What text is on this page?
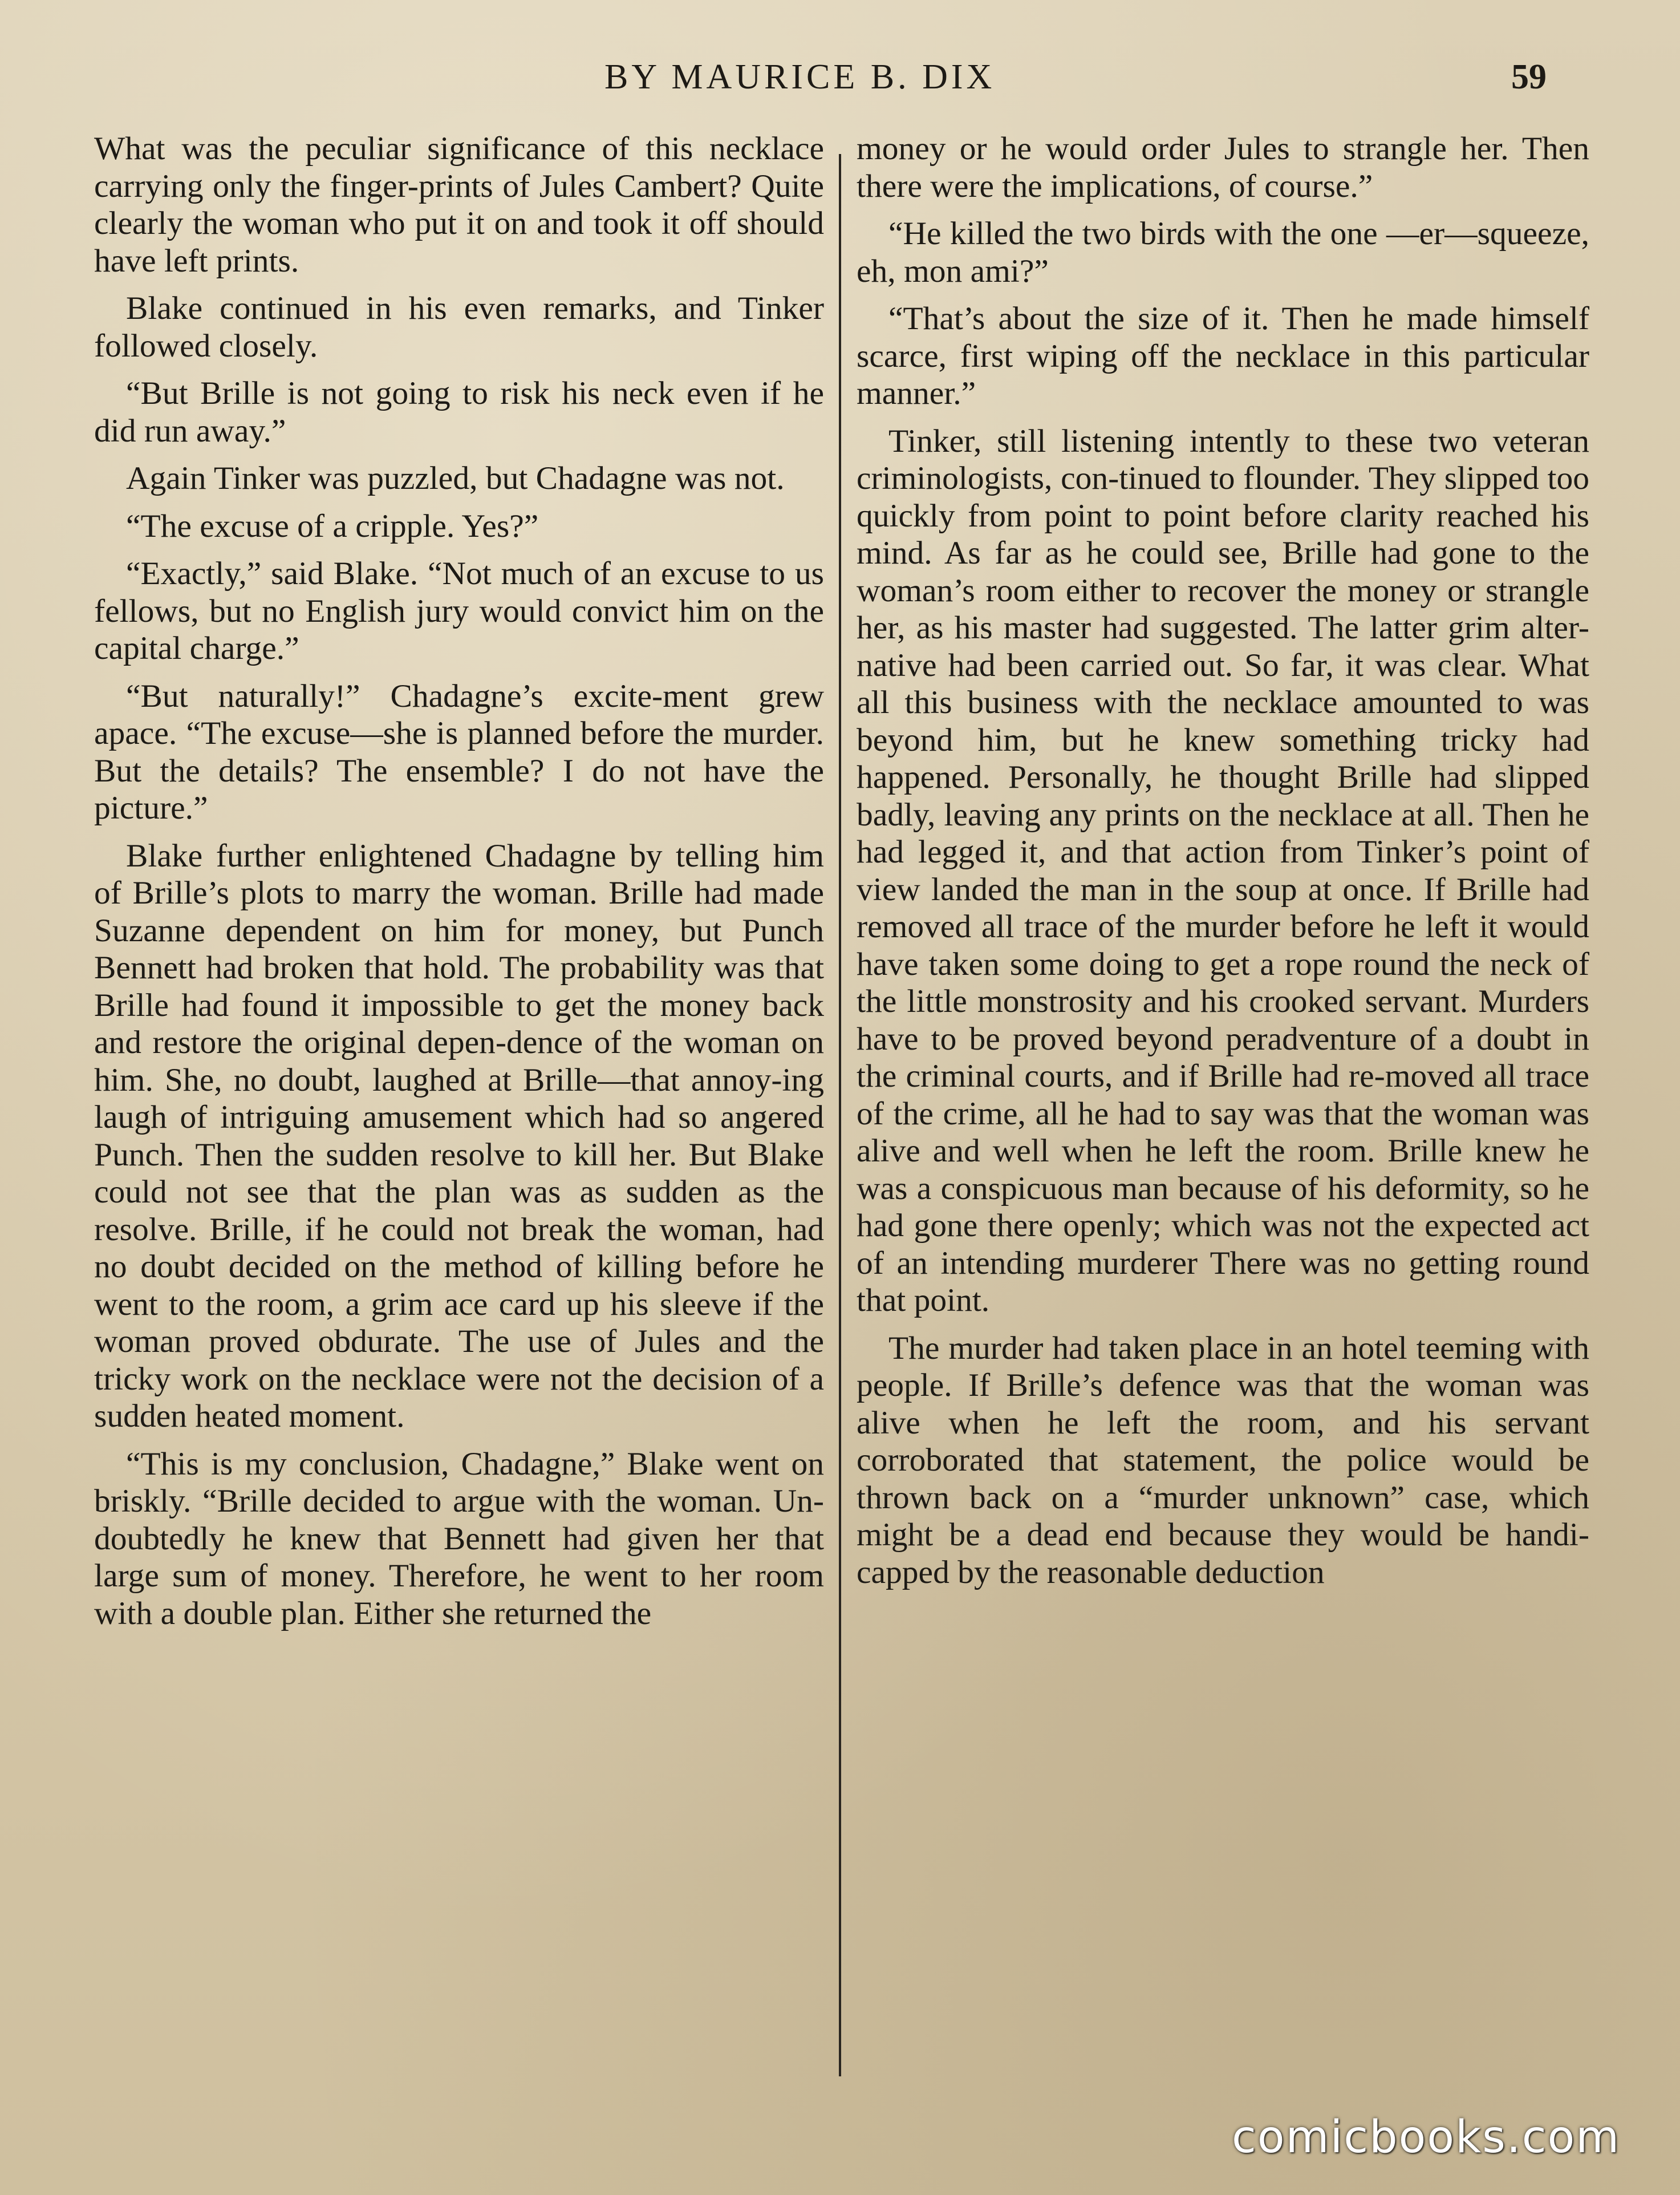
BY MAURICE B. DIX	59

What was the peculiar significance of this necklace carrying only the finger-prints of Jules Cambert? Quite clearly the woman who put it on and took it off should have left prints.

Blake continued in his even remarks, and Tinker followed closely.

“But Brille is not going to risk his neck even if he did run away.”

Again Tinker was puzzled, but Chadagne was not.

“The excuse of a cripple. Yes?”

“Exactly,” said Blake. “Not much of an excuse to us fellows, but no English jury would convict him on the capital charge.”

“But naturally!” Chadagne’s excite-ment grew apace. “The excuse—she is planned before the murder. But the details? The ensemble? I do not have the picture.”

Blake further enlightened Chadagne by telling him of Brille’s plots to marry the woman. Brille had made Suzanne dependent on him for money, but Punch Bennett had broken that hold. The probability was that Brille had found it impossible to get the money back and restore the original depen-dence of the woman on him. She, no doubt, laughed at Brille—that annoy-ing laugh of intriguing amusement which had so angered Punch. Then the sudden resolve to kill her. But Blake could not see that the plan was as sudden as the resolve. Brille, if he could not break the woman, had no doubt decided on the method of killing before he went to the room, a grim ace card up his sleeve if the woman proved obdurate. The use of Jules and the tricky work on the necklace were not the decision of a sudden heated moment.

“This is my conclusion, Chadagne,” Blake went on briskly. “Brille decided to argue with the woman. Un-doubtedly he knew that Bennett had given her that large sum of money. Therefore, he went to her room with a double plan. Either she returned the

money or he would order Jules to strangle her. Then there were the implications, of course.”

“He killed the two birds with the one —er—squeeze, eh, mon ami?”

“That’s about the size of it. Then he made himself scarce, first wiping off the necklace in this particular manner.”

Tinker, still listening intently to these two veteran criminologists, con-tinued to flounder. They slipped too quickly from point to point before clarity reached his mind. As far as he could see, Brille had gone to the woman’s room either to recover the money or strangle her, as his master had suggested. The latter grim alter-native had been carried out. So far, it was clear. What all this business with the necklace amounted to was beyond him, but he knew something tricky had happened. Personally, he thought Brille had slipped badly, leaving any prints on the necklace at all. Then he had legged it, and that action from Tinker’s point of view landed the man in the soup at once. If Brille had removed all trace of the murder before he left it would have taken some doing to get a rope round the neck of the little monstrosity and his crooked servant. Murders have to be proved beyond peradventure of a doubt in the criminal courts, and if Brille had re-moved all trace of the crime, all he had to say was that the woman was alive and well when he left the room. Brille knew he was a conspicuous man because of his deformity, so he had gone there openly; which was not the expected act of an intending murderer There was no getting round that point.

The murder had taken place in an hotel teeming with people. If Brille’s defence was that the woman was alive when he left the room, and his servant corroborated that statement, the police would be thrown back on a “murder unknown” case, which might be a dead end because they would be handi-capped by the reasonable deduction

comicbooks.com
